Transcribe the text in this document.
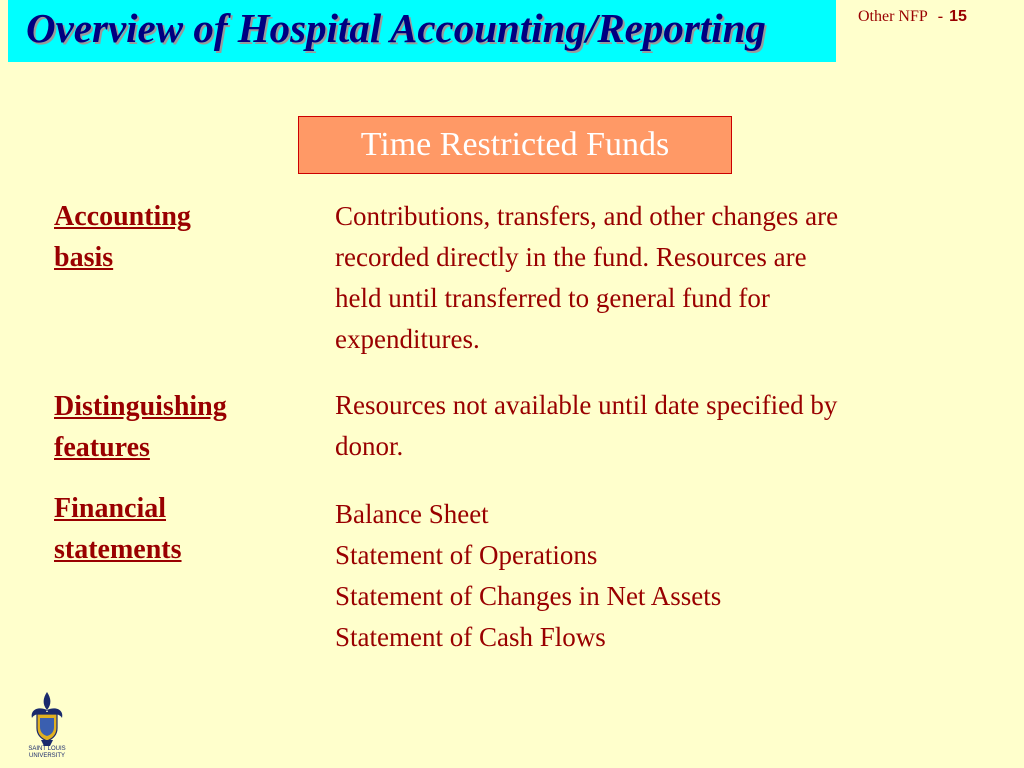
Overview of Hospital Accounting/Reporting	Other NFP - 15
Time Restricted Funds
Accounting
basis
Contributions, transfers, and other changes are
recorded directly in the fund. Resources are
held until transferred to general fund for
expenditures.
Distinguishing
features
Resources not available until date specified by
donor.
Financial
statements
Balance Sheet
Statement of Operations
Statement of Changes in Net Assets
Statement of Cash Flows
SAINT LOUIS
UNIVERSITY
